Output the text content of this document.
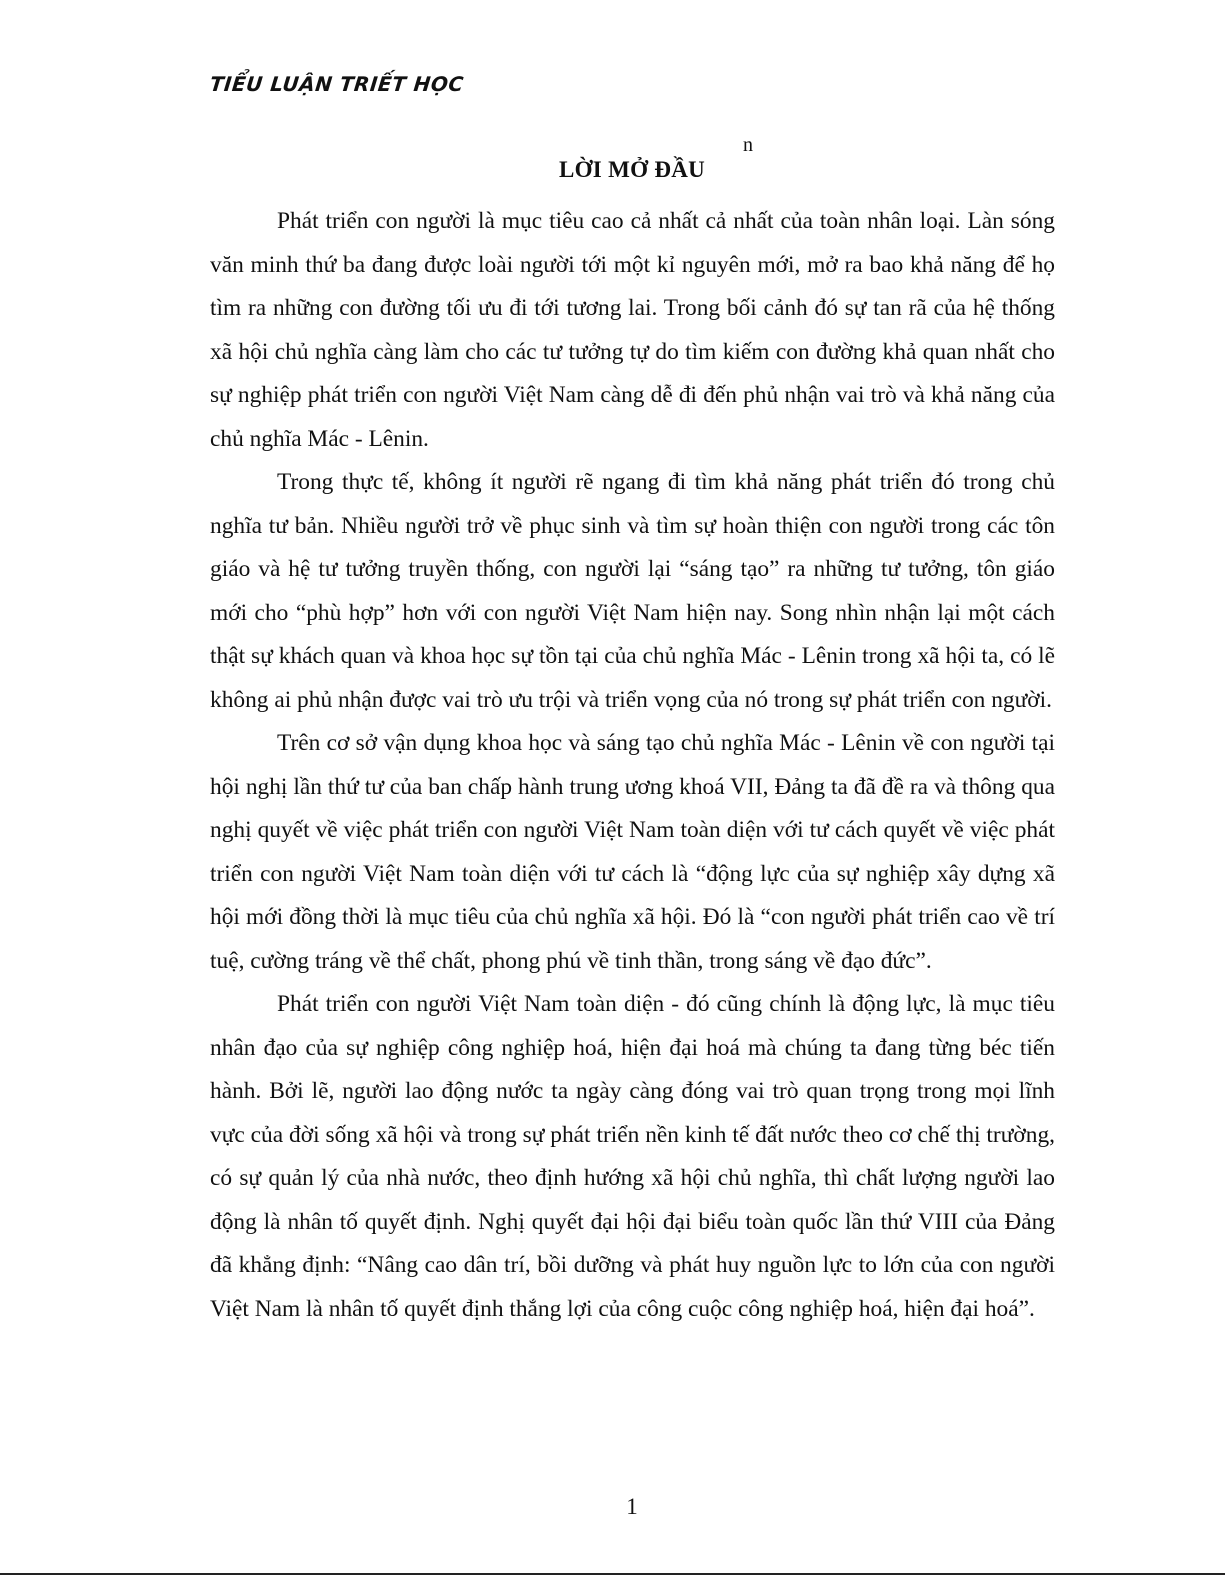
TIỂU LUẬN TRIẾT HỌC
n
LỜI MỞ ĐẦU

Phát triển con người là mục tiêu cao cả nhất cả nhất của toàn nhân loại. Làn sóng văn minh thứ ba đang được loài người tới một kỉ nguyên mới, mở ra bao khả năng để họ tìm ra những con đường tối ưu đi tới tương lai. Trong bối cảnh đó sự tan rã của hệ thống xã hội chủ nghĩa càng làm cho các tư tưởng tự do tìm kiếm con đường khả quan nhất cho sự nghiệp phát triển con người Việt Nam càng dễ đi đến phủ nhận vai trò và khả năng của chủ nghĩa Mác - Lênin.

Trong thực tế, không ít người rẽ ngang đi tìm khả năng phát triển đó trong chủ nghĩa tư bản. Nhiều người trở về phục sinh và tìm sự hoàn thiện con người trong các tôn giáo và hệ tư tưởng truyền thống, con người lại “sáng tạo” ra những tư tưởng, tôn giáo mới cho “phù hợp” hơn với con người Việt Nam hiện nay. Song nhìn nhận lại một cách thật sự khách quan và khoa học sự tồn tại của chủ nghĩa Mác - Lênin trong xã hội ta, có lẽ không ai phủ nhận được vai trò ưu trội và triển vọng của nó trong sự phát triển con người.

Trên cơ sở vận dụng khoa học và sáng tạo chủ nghĩa Mác - Lênin về con người tại hội nghị lần thứ tư của ban chấp hành trung ương khoá VII, Đảng ta đã đề ra và thông qua nghị quyết về việc phát triển con người Việt Nam toàn diện với tư cách quyết về việc phát triển con người Việt Nam toàn diện với tư cách là “động lực của sự nghiệp xây dựng xã hội mới đồng thời là mục tiêu của chủ nghĩa xã hội. Đó là “con người phát triển cao về trí tuệ, cường tráng về thể chất, phong phú về tinh thần, trong sáng về đạo đức”.

Phát triển con người Việt Nam toàn diện - đó cũng chính là động lực, là mục tiêu nhân đạo của sự nghiệp công nghiệp hoá, hiện đại hoá mà chúng ta đang từng béc tiến hành. Bởi lẽ, người lao động nước ta ngày càng đóng vai trò quan trọng trong mọi lĩnh vực của đời sống xã hội và trong sự phát triển nền kinh tế đất nước theo cơ chế thị trường, có sự quản lý của nhà nước, theo định hướng xã hội chủ nghĩa, thì chất lượng người lao động là nhân tố quyết định. Nghị quyết đại hội đại biểu toàn quốc lần thứ VIII của Đảng đã khẳng định: “Nâng cao dân trí, bồi dưỡng và phát huy nguồn lực to lớn của con người Việt Nam là nhân tố quyết định thắng lợi của công cuộc công nghiệp hoá, hiện đại hoá”.

1
